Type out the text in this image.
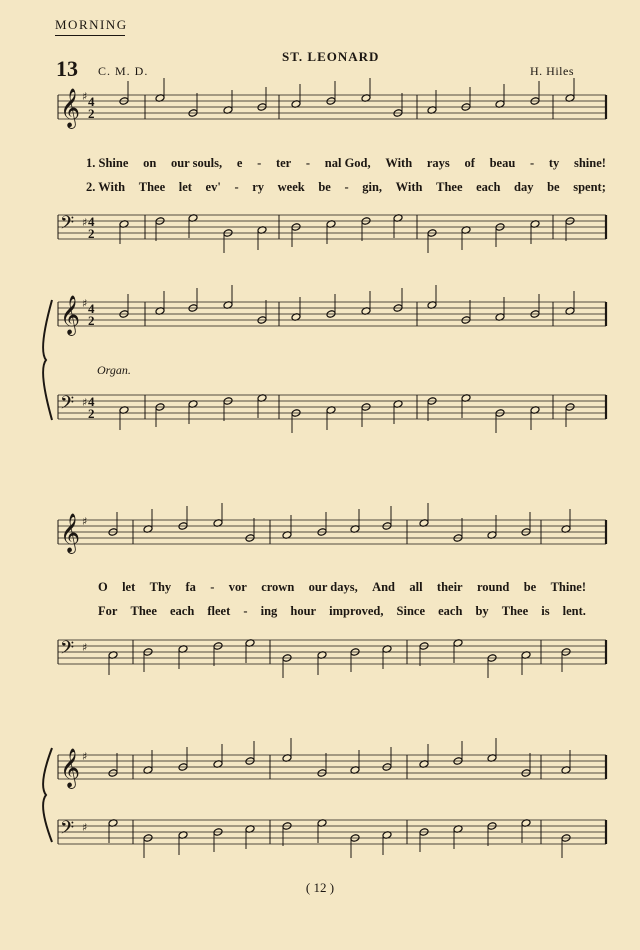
MORNING
13 C. M. D.
ST. LEONARD
H. Hiles
𝄞 ♯ 4
2
𝄢 ♯ 4
2
𝄞 ♯ 4
2
𝄢 ♯ 4
2
𝄞 ♯
𝄢 ♯
𝄞 ♯
𝄢 ♯
1. Shine on our souls, e - ter - nal God, With rays of beau - ty shine!
2. With Thee let ev' - ry week be - gin, With Thee each day be spent;
O let Thy fa - vor crown our days, And all their round be Thine!
For Thee each fleet - ing hour improved, Since each by Thee is lent.
Organ.
( 12 )
